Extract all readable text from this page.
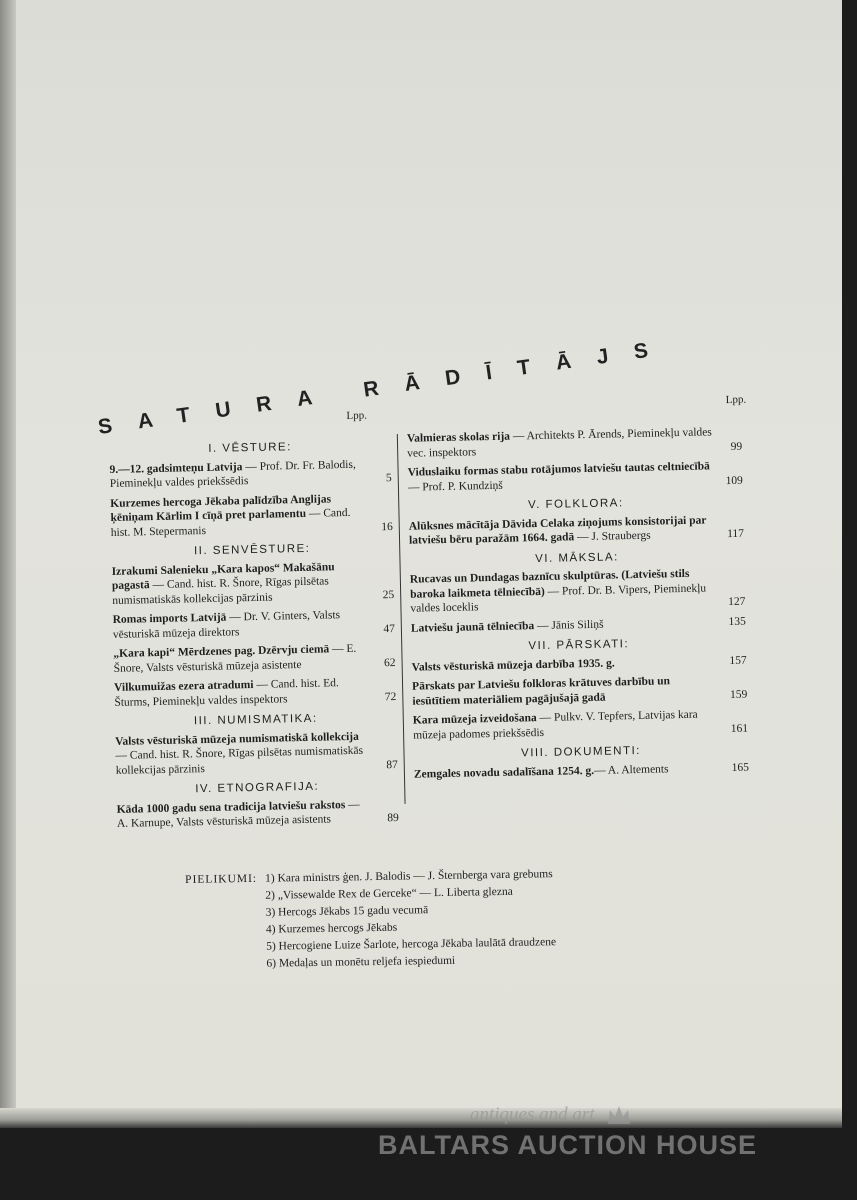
SATURA
RĀDĪTĀJS
Lpp.
I. VĒSTURE:
9.—12. gadsimteņu Latvija — Prof. Dr. Fr. Balodis, Pieminekļu valdes priekšsēdis	5
Kurzemes hercoga Jēkaba palīdzība Anglijas ķēniņam Kārlim I cīņā pret parlamentu — Cand. hist. M. Stepermanis	16
II. SENVĒSTURE:
Izrakumi Salenieku „Kara kapos“ Makašānu pagastā — Cand. hist. R. Šnore, Rīgas pilsētas numismatiskās kollekcijas pārzinis	25
Romas imports Latvijā — Dr. V. Ginters, Valsts vēsturiskā mūzeja direktors	47
„Kara kapi“ Mērdzenes pag. Dzērvju ciemā — E. Šnore, Valsts vēsturiskā mūzeja asistente	62
Vilkumuižas ezera atradumi — Cand. hist. Ed. Šturms, Pieminekļu valdes inspektors	72
III. NUMISMATIKA:
Valsts vēsturiskā mūzeja numismatiskā kollekcija — Cand. hist. R. Šnore, Rīgas pilsētas numismatiskās kollekcijas pārzinis	87
IV. ETNOGRAFIJA:
Kāda 1000 gadu sena tradicija latviešu rakstos — A. Karnupe, Valsts vēsturiskā mūzeja asistents	89
Lpp.
Valmieras skolas rija — Architekts P. Ārends, Pieminekļu valdes vec. inspektors	99
Viduslaiku formas stabu rotājumos latviešu tautas celtniecībā — Prof. P. Kundziņš	109
V. FOLKLORA:
Alūksnes mācītāja Dāvida Celaka ziņojums konsistorijai par latviešu bēru paražām 1664. gadā — J. Straubergs	117
VI. MĀKSLA:
Rucavas un Dundagas baznīcu skulptūras. (Latviešu stils baroka laikmeta tēlniecībā) — Prof. Dr. B. Vipers, Pieminekļu valdes loceklis	127
Latviešu jaunā tēlniecība — Jānis Siliņš	135
VII. PĀRSKATI:
Valsts vēsturiskā mūzeja darbība 1935. g.	157
Pārskats par Latviešu folkloras krātuves darbību un iesūtītiem materiāliem pagājušajā gadā	159
Kara mūzeja izveidošana — Pulkv. V. Tepfers, Latvijas kara mūzeja padomes priekšsēdis	161
VIII. DOKUMENTI:
Zemgales novadu sadalīšana 1254. g.— A. Altements	165
PIELIKUMI: 1) Kara ministrs ģen. J. Balodis — J. Šternberga vara grebums
2) „Vissewalde Rex de Gerceke“ — L. Liberta glezna
3) Hercogs Jēkabs 15 gadu vecumā
4) Kurzemes hercogs Jēkabs
5) Hercogiene Luize Šarlote, hercoga Jēkaba laulātā draudzene
6) Medaļas un monētu reljefa iespiedumi
antiques and art
BALTARS AUCTION HOUSE
